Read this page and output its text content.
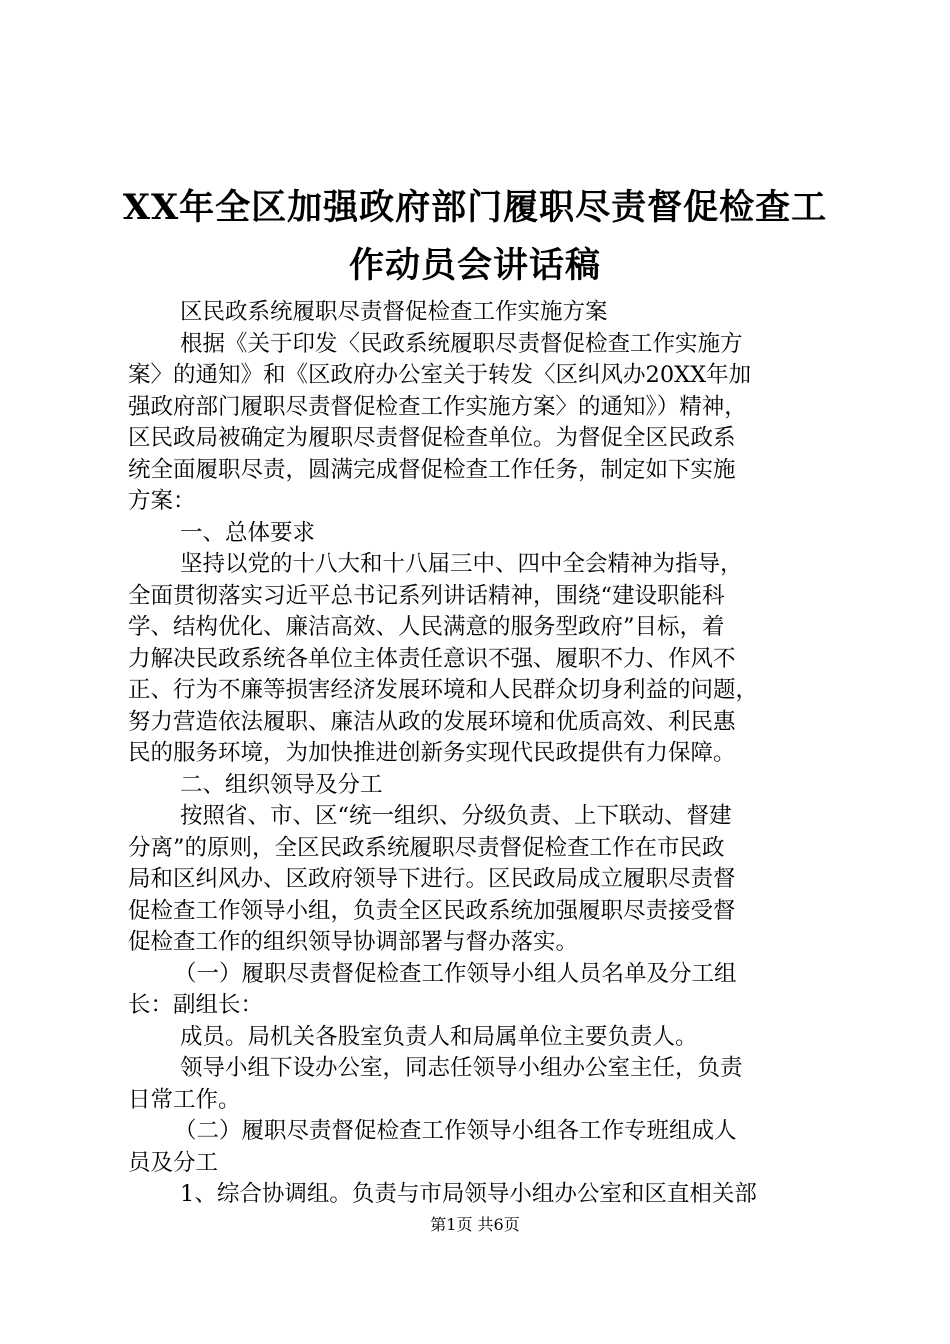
XX年全区加强政府部门履职尽责督促检查工
作动员会讲话稿
区民政系统履职尽责督促检查工作实施方案
根据《关于印发〈民政系统履职尽责督促检查工作实施方
案〉的通知》和《区政府办公室关于转发〈区纠风办20XX年加
强政府部门履职尽责督促检查工作实施方案〉的通知》）精神，
区民政局被确定为履职尽责督促检查单位。为督促全区民政系
统全面履职尽责，圆满完成督促检查工作任务，制定如下实施
方案：
一、总体要求
坚持以党的十八大和十八届三中、四中全会精神为指导，
全面贯彻落实习近平总书记系列讲话精神，围绕“建设职能科
学、结构优化、廉洁高效、人民满意的服务型政府”目标，着
力解决民政系统各单位主体责任意识不强、履职不力、作风不
正、行为不廉等损害经济发展环境和人民群众切身利益的问题，
努力营造依法履职、廉洁从政的发展环境和优质高效、利民惠
民的服务环境，为加快推进创新务实现代民政提供有力保障。
二、组织领导及分工
按照省、市、区“统一组织、分级负责、上下联动、督建
分离”的原则，全区民政系统履职尽责督促检查工作在市民政
局和区纠风办、区政府领导下进行。区民政局成立履职尽责督
促检查工作领导小组，负责全区民政系统加强履职尽责接受督
促检查工作的组织领导协调部署与督办落实。
（一）履职尽责督促检查工作领导小组人员名单及分工组
长：副组长：
成员。局机关各股室负责人和局属单位主要负责人。
领导小组下设办公室，同志任领导小组办公室主任，负责
日常工作。
（二）履职尽责督促检查工作领导小组各工作专班组成人
员及分工
1、综合协调组。负责与市局领导小组办公室和区直相关部
第1页 共6页
